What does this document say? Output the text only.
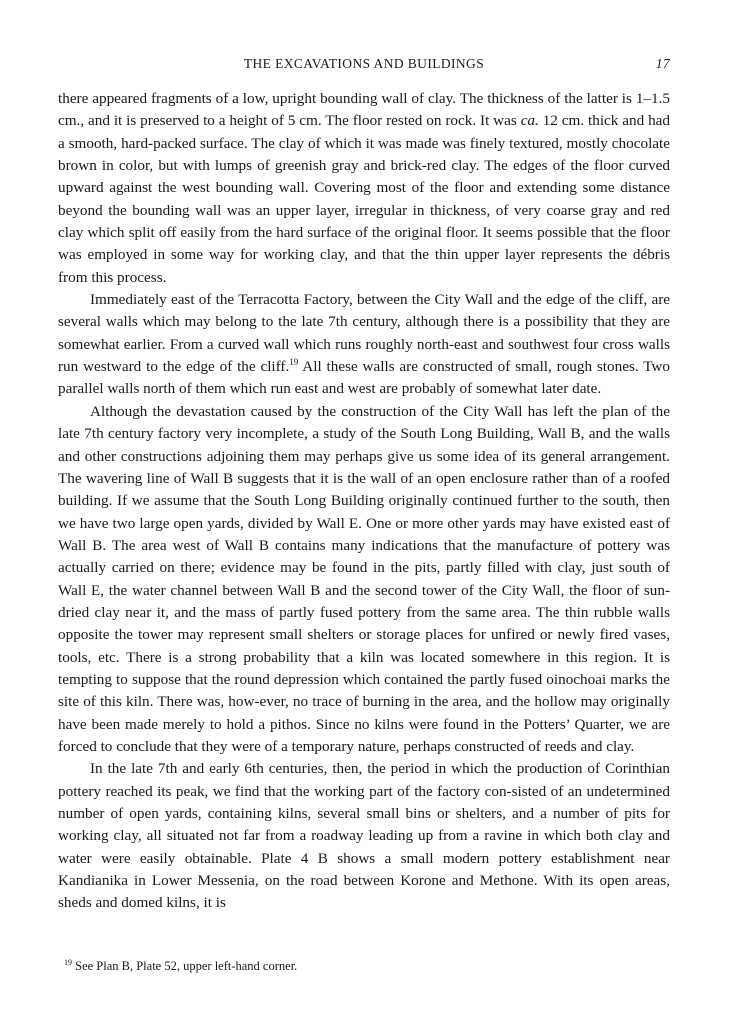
THE EXCAVATIONS AND BUILDINGS	17

there appeared fragments of a low, upright bounding wall of clay. The thickness of the latter is 1–1.5 cm., and it is preserved to a height of 5 cm. The floor rested on rock. It was ca. 12 cm. thick and had a smooth, hard-packed surface. The clay of which it was made was finely textured, mostly chocolate brown in color, but with lumps of greenish gray and brick-red clay. The edges of the floor curved upward against the west bounding wall. Covering most of the floor and extending some distance beyond the bounding wall was an upper layer, irregular in thickness, of very coarse gray and red clay which split off easily from the hard surface of the original floor. It seems possible that the floor was employed in some way for working clay, and that the thin upper layer represents the débris from this process.

Immediately east of the Terracotta Factory, between the City Wall and the edge of the cliff, are several walls which may belong to the late 7th century, although there is a possibility that they are somewhat earlier. From a curved wall which runs roughly north-east and southwest four cross walls run westward to the edge of the cliff.$^{19}$ All these walls are constructed of small, rough stones. Two parallel walls north of them which run east and west are probably of somewhat later date.

Although the devastation caused by the construction of the City Wall has left the plan of the late 7th century factory very incomplete, a study of the South Long Building, Wall B, and the walls and other constructions adjoining them may perhaps give us some idea of its general arrangement. The wavering line of Wall B suggests that it is the wall of an open enclosure rather than of a roofed building. If we assume that the South Long Building originally continued further to the south, then we have two large open yards, divided by Wall E. One or more other yards may have existed east of Wall B. The area west of Wall B contains many indications that the manufacture of pottery was actually carried on there; evidence may be found in the pits, partly filled with clay, just south of Wall E, the water channel between Wall B and the second tower of the City Wall, the floor of sun-dried clay near it, and the mass of partly fused pottery from the same area. The thin rubble walls opposite the tower may represent small shelters or storage places for unfired or newly fired vases, tools, etc. There is a strong probability that a kiln was located somewhere in this region. It is tempting to suppose that the round depression which contained the partly fused oinochoai marks the site of this kiln. There was, how-ever, no trace of burning in the area, and the hollow may originally have been made merely to hold a pithos. Since no kilns were found in the Potters’ Quarter, we are forced to conclude that they were of a temporary nature, perhaps constructed of reeds and clay.

In the late 7th and early 6th centuries, then, the period in which the production of Corinthian pottery reached its peak, we find that the working part of the factory con-sisted of an undetermined number of open yards, containing kilns, several small bins or shelters, and a number of pits for working clay, all situated not far from a roadway leading up from a ravine in which both clay and water were easily obtainable. Plate 4 B shows a small modern pottery establishment near Kandianika in Lower Messenia, on the road between Korone and Methone. With its open areas, sheds and domed kilns, it is

$^{19}$ See Plan B, Plate 52, upper left-hand corner.
